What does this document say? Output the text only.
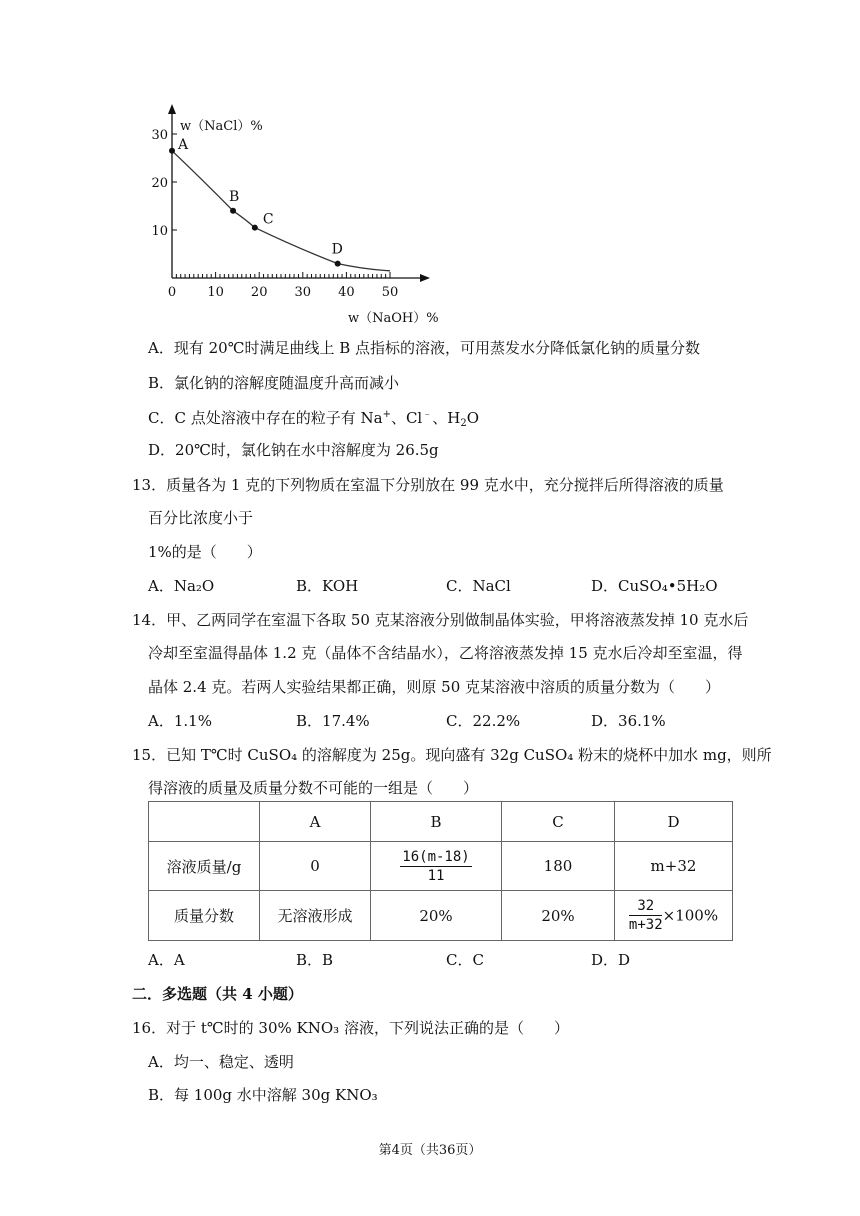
w（NaCl）%
w（NaOH）%
0 10 20 30 40 50
10
20
30
A
B
C
D
A．现有 20℃时满足曲线上 B 点指标的溶液，可用蒸发水分降低氯化钠的质量分数
B．氯化钠的溶解度随温度升高而减小
C．C 点处溶液中存在的粒子有 Na+、Cl﹣、$H_2O$
D．20℃时，氯化钠在水中溶解度为 26.5g
13．质量各为 1 克的下列物质在室温下分别放在 99 克水中，充分搅拌后所得溶液的质量
百分比浓度小于
1%的是（　　）
A．Na₂O	B．KOH	C．NaCl	D．CuSO₄•5H₂O
14．甲、乙两同学在室温下各取 50 克某溶液分别做制晶体实验，甲将溶液蒸发掉 10 克水后
冷却至室温得晶体 1.2 克（晶体不含结晶水），乙将溶液蒸发掉 15 克水后冷却至室温，得
晶体 2.4 克。若两人实验结果都正确，则原 50 克某溶液中溶质的质量分数为（　　）
A．1.1%	B．17.4%	C．22.2%	D．36.1%
15．已知 T℃时 CuSO₄ 的溶解度为 25g。现向盛有 32g CuSO₄ 粉末的烧杯中加水 mg，则所
得溶液的质量及质量分数不可能的一组是（　　）
	A	B	C	D
溶液质量/g	0	$\frac{16(m-18)}{11}$	180	m+32
质量分数	无溶液形成	20%	20%	$\frac{32}{m+32} \times 100\%$
A．A	B．B	C．C	D．D
二．多选题（共 4 小题）
16．对于 t℃时的 30% KNO₃ 溶液，下列说法正确的是（　　）
A．均一、稳定、透明
B．每 100g 水中溶解 30g KNO₃
第4页（共36页）
